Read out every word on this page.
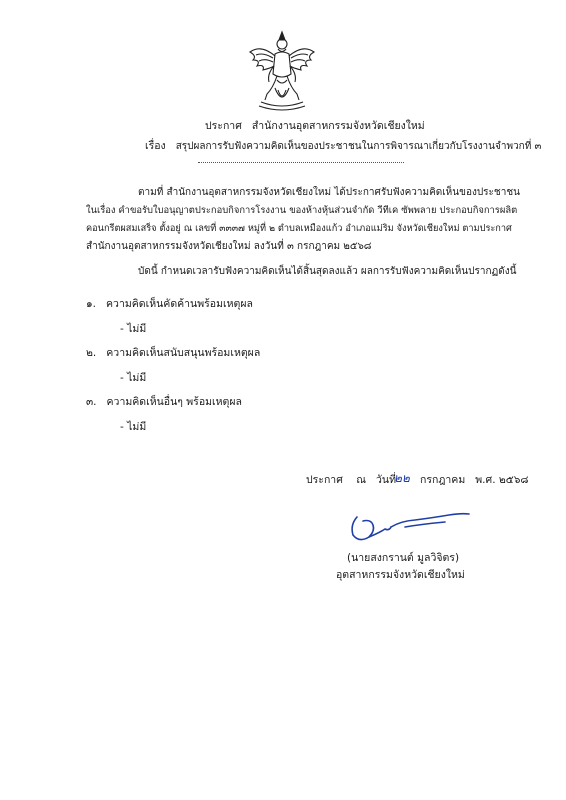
ประกาศ สำนักงานอุตสาหกรรมจังหวัดเชียงใหม่
เรื่อง สรุปผลการรับฟังความคิดเห็นของประชาชนในการพิจารณาเกี่ยวกับโรงงานจำพวกที่ ๓
ตามที่ สำนักงานอุตสาหกรรมจังหวัดเชียงใหม่ ได้ประกาศรับฟังความคิดเห็นของประชาชน
ในเรื่อง คำขอรับใบอนุญาตประกอบกิจการโรงงาน ของห้างหุ้นส่วนจำกัด วีทีเค ซัพพลาย ประกอบกิจการผลิต
คอนกรีตผสมเสร็จ ตั้งอยู่ ณ เลขที่ ๓๓๓๗ หมู่ที่ ๒ ตำบลเหมืองแก้ว อำเภอแม่ริม จังหวัดเชียงใหม่ ตามประกาศ
สำนักงานอุตสาหกรรมจังหวัดเชียงใหม่ ลงวันที่ ๓ กรกฎาคม ๒๕๖๘
บัดนี้ กำหนดเวลารับฟังความคิดเห็นได้สิ้นสุดลงแล้ว ผลการรับฟังความคิดเห็นปรากฏดังนี้
๑. ความคิดเห็นคัดค้านพร้อมเหตุผล
- ไม่มี
๒. ความคิดเห็นสนับสนุนพร้อมเหตุผล
- ไม่มี
๓. ความคิดเห็นอื่นๆ พร้อมเหตุผล
- ไม่มี
ประกาศ ณ วันที่
๒๒ กรกฎาคม พ.ศ. ๒๕๖๘
(นายสงกรานต์ มูลวิจิตร)
อุตสาหกรรมจังหวัดเชียงใหม่
